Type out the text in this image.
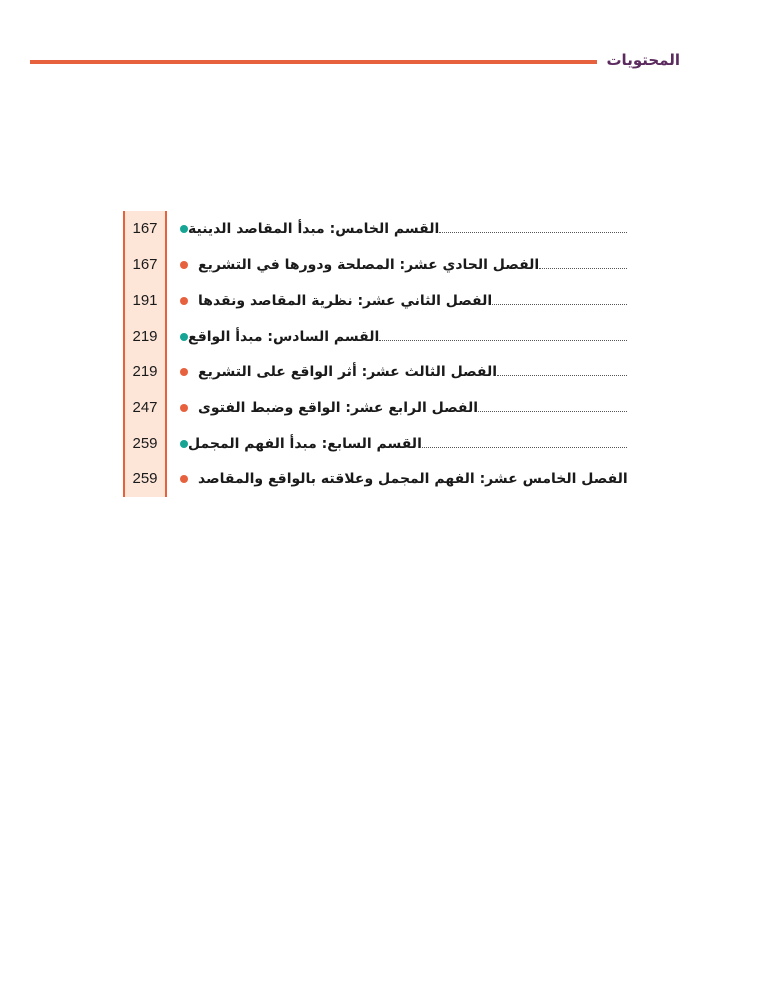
المحتويات
167	القسم الخامس: مبدأ المقاصد الدينية
167	الفصل الحادي عشر: المصلحة ودورها في التشريع
191	الفصل الثاني عشر: نظرية المقاصد ونقدها
219	القسم السادس: مبدأ الواقع
219	الفصل الثالث عشر: أثر الواقع على التشريع
247	الفصل الرابع عشر: الواقع وضبط الفتوى
259	القسم السابع: مبدأ الفهم المجمل
259	الفصل الخامس عشر: الفهم المجمل وعلاقته بالواقع والمقاصد
